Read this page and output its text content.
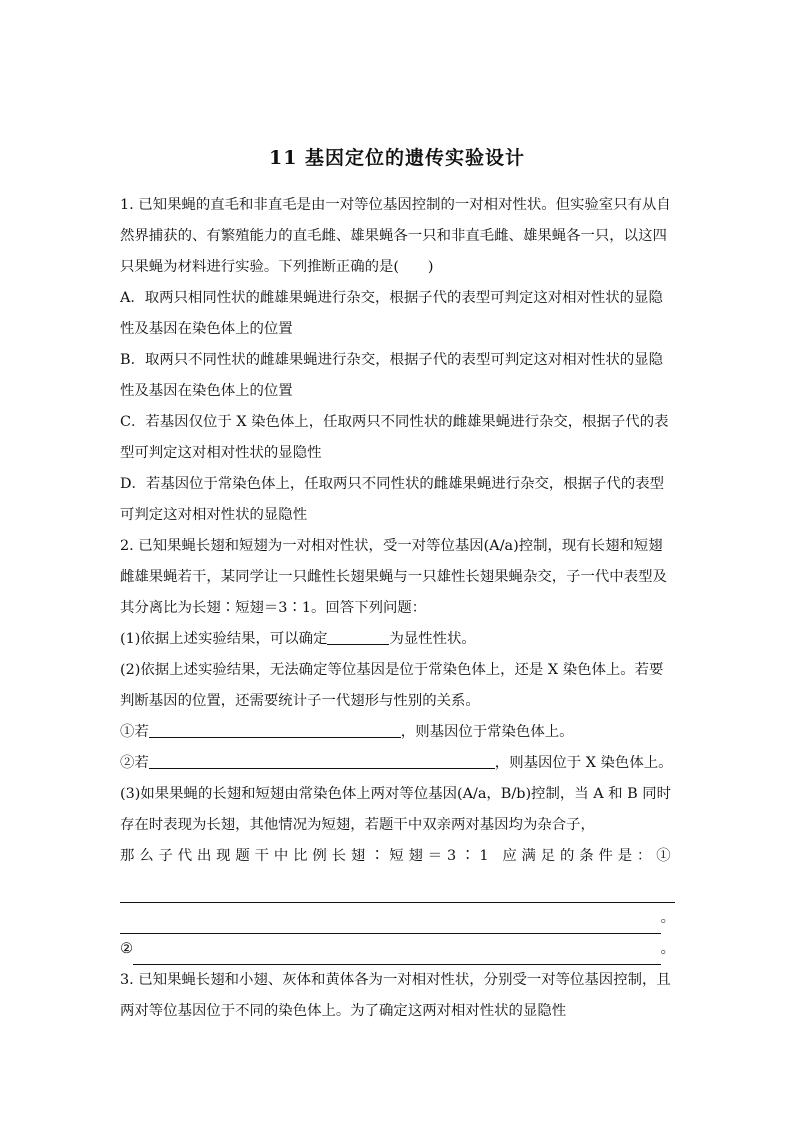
11 基因定位的遗传实验设计

1. 已知果蝇的直毛和非直毛是由一对等位基因控制的一对相对性状。但实验室只有从自然界捕获的、有繁殖能力的直毛雌、雄果蝇各一只和非直毛雌、雄果蝇各一只，以这四只果蝇为材料进行实验。下列推断正确的是(　　)

A．取两只相同性状的雌雄果蝇进行杂交，根据子代的表型可判定这对相对性状的显隐性及基因在染色体上的位置

B．取两只不同性状的雌雄果蝇进行杂交，根据子代的表型可判定这对相对性状的显隐性及基因在染色体上的位置

C．若基因仅位于 X 染色体上，任取两只不同性状的雌雄果蝇进行杂交，根据子代的表型可判定这对相对性状的显隐性

D．若基因位于常染色体上，任取两只不同性状的雌雄果蝇进行杂交，根据子代的表型可判定这对相对性状的显隐性

2. 已知果蝇长翅和短翅为一对相对性状，受一对等位基因(A/a)控制，现有长翅和短翅雌雄果蝇若干，某同学让一只雌性长翅果蝇与一只雄性长翅果蝇杂交，子一代中表型及其分离比为长翅∶短翅＝3∶1。回答下列问题：

(1)依据上述实验结果，可以确定	为显性性状。

(2)依据上述实验结果，无法确定等位基因是位于常染色体上，还是 X 染色体上。若要判断基因的位置，还需要统计子一代翅形与性别的关系。

①若	，则基因位于常染色体上。

②若	，则基因位于 X 染色体上。

(3)如果果蝇的长翅和短翅由常染色体上两对等位基因(A/a，B/b)控制，当 A 和 B 同时存在时表现为长翅，其他情况为短翅，若题干中双亲两对基因均为杂合子，

那么子代出现题干中比例长翅∶短翅＝3∶1 应满足的条件是：①

。
②	。

3. 已知果蝇长翅和小翅、灰体和黄体各为一对相对性状，分别受一对等位基因控制，且两对等位基因位于不同的染色体上。为了确定这两对相对性状的显隐性
